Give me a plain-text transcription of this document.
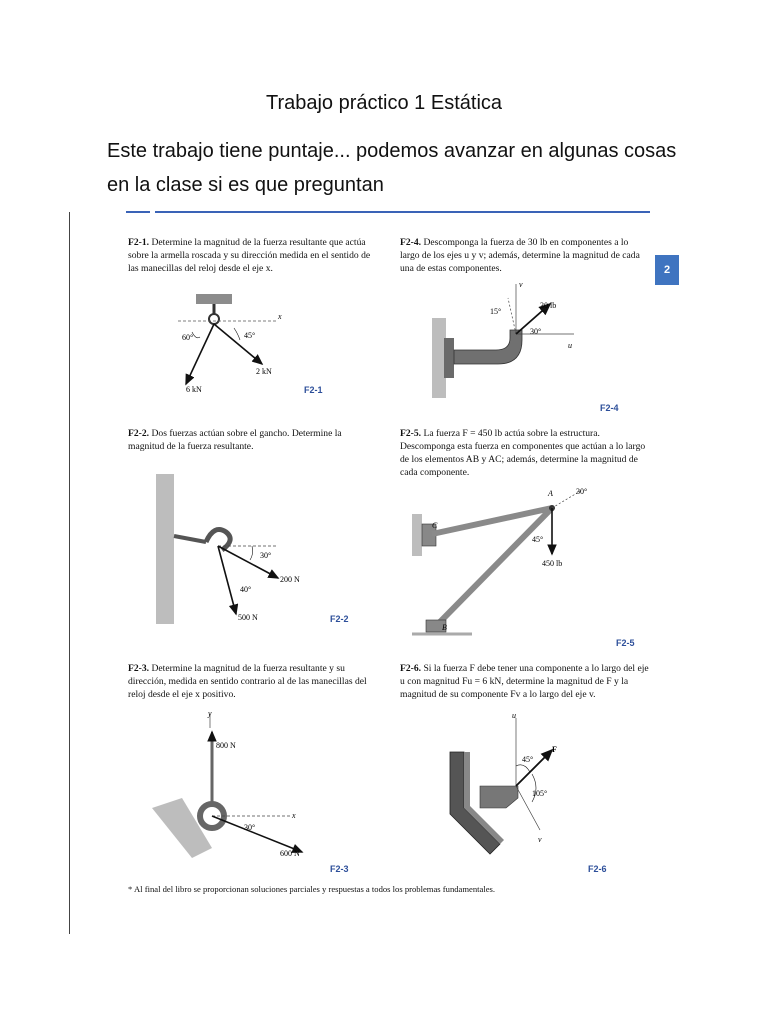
Trabajo práctico 1 Estática
Este trabajo tiene puntaje... podemos avanzar en algunas cosas en la clase si es que preguntan
2
F2-1. Determine la magnitud de la fuerza resultante que actúa sobre la armella roscada y su dirección medida en el sentido de las manecillas del reloj desde el eje x.
60°	45°
x
6 kN
2 kN
F2-1
F2-4. Descomponga la fuerza de 30 lb en componentes a lo largo de los ejes u y v; además, determine la magnitud de cada una de estas componentes.
v
15°
30 lb
30°
u
F2-4
F2-2. Dos fuerzas actúan sobre el gancho. Determine la magnitud de la fuerza resultante.
30°
200 N
40°
500 N	F2-2
F2-5. La fuerza F = 450 lb actúa sobre la estructura. Descomponga esta fuerza en componentes que actúan a lo largo de los elementos AB y AC; además, determine la magnitud de cada componente.
A	30°
C
45°
450 lb
B
F2-5
F2-3. Determine la magnitud de la fuerza resultante y su dirección, medida en sentido contrario al de las manecillas del reloj desde el eje x positivo.
y
800 N
x
30°
600 N
F2-3
F2-6. Si la fuerza F debe tener una componente a lo largo del eje u con magnitud Fu = 6 kN, determine la magnitud de F y la magnitud de su componente Fv a lo largo del eje v.
u
F
45°
105°
v
F2-6
* Al final del libro se proporcionan soluciones parciales y respuestas a todos los problemas fundamentales.
